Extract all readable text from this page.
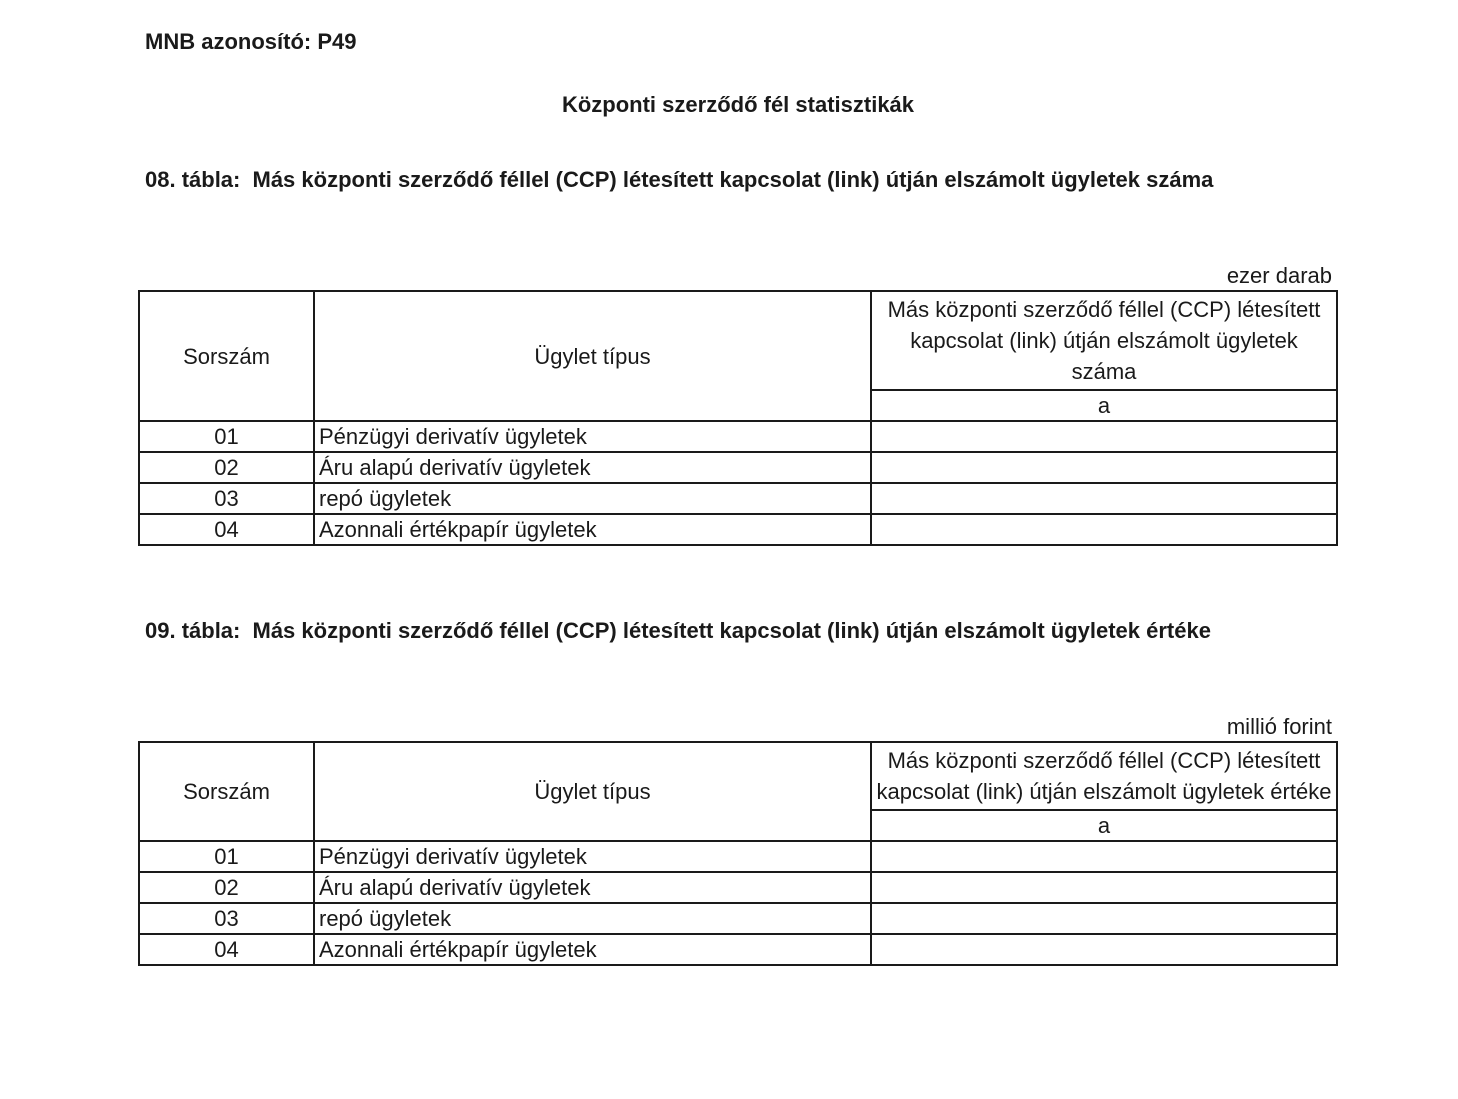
MNB azonosító: P49
Központi szerződő fél statisztikák
08. tábla: Más központi szerződő féllel (CCP) létesített kapcsolat (link) útján elszámolt ügyletek száma
ezer darab
Sorszám	Ügylet típus	Más központi szerződő féllel (CCP) létesített kapcsolat (link) útján elszámolt ügyletek száma
		a
01	Pénzügyi derivatív ügyletek	
02	Áru alapú derivatív ügyletek	
03	repó ügyletek	
04	Azonnali értékpapír ügyletek	
09. tábla: Más központi szerződő féllel (CCP) létesített kapcsolat (link) útján elszámolt ügyletek értéke
millió forint
Sorszám	Ügylet típus	Más központi szerződő féllel (CCP) létesített kapcsolat (link) útján elszámolt ügyletek értéke
		a
01	Pénzügyi derivatív ügyletek	
02	Áru alapú derivatív ügyletek	
03	repó ügyletek	
04	Azonnali értékpapír ügyletek	
